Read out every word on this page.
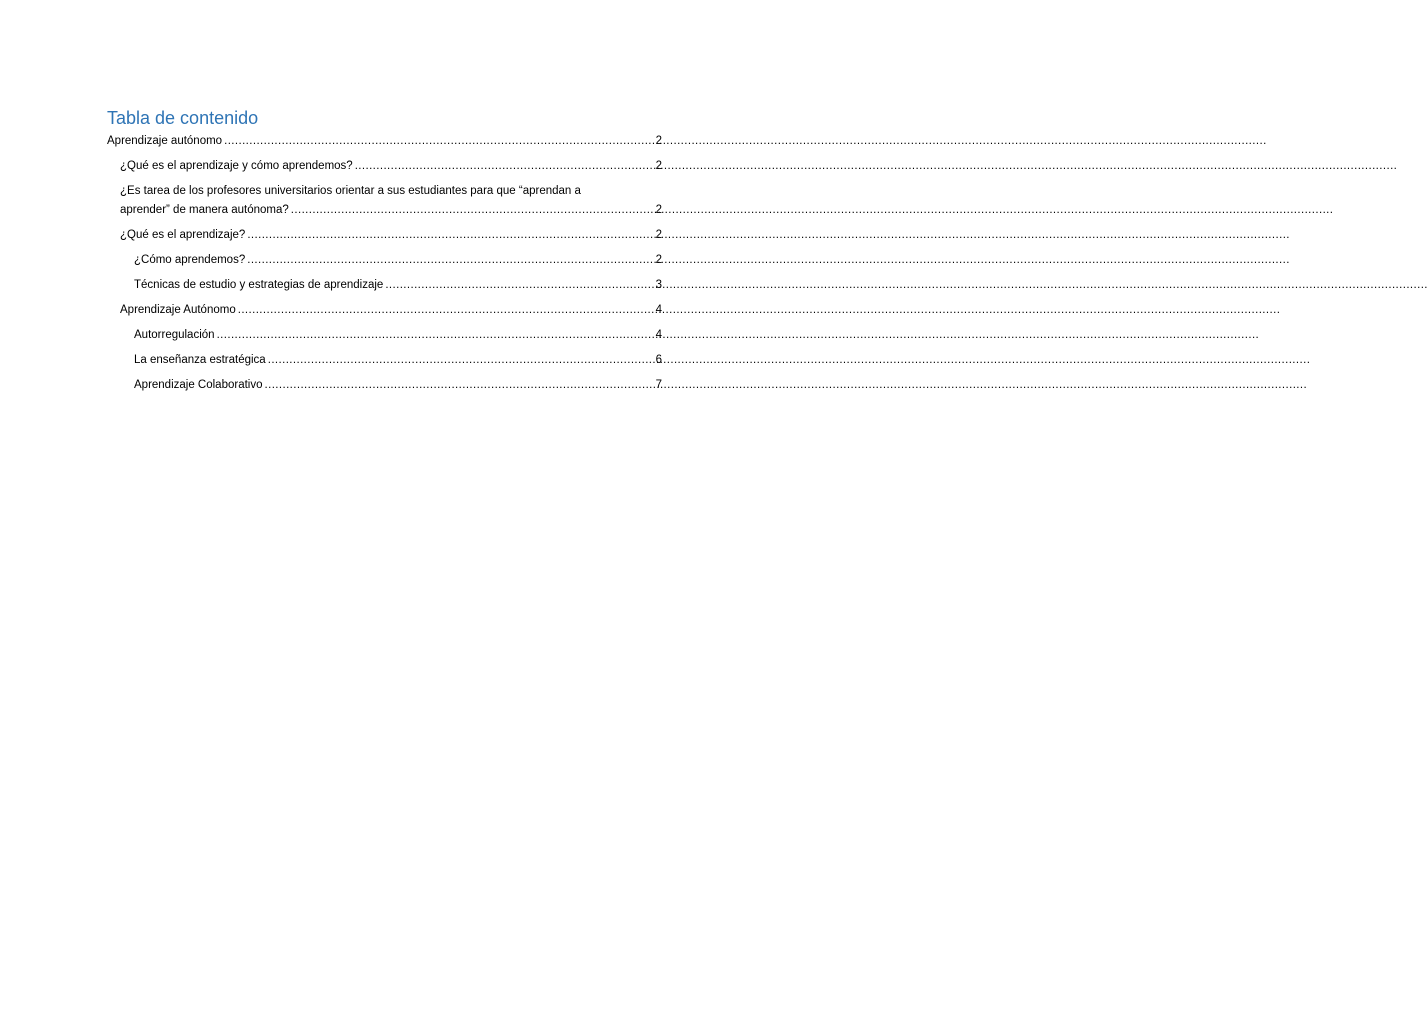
Tabla de contenido
Aprendizaje autónomo .....	2
¿Qué es el aprendizaje y cómo aprendemos? .....	2
¿Es tarea de los profesores universitarios orientar a sus estudiantes para que “aprendan a
aprender” de manera autónoma? .....	2
¿Qué es el aprendizaje? .....	2
¿Cómo aprendemos? .....	2
Técnicas de estudio y estrategias de aprendizaje .....	3
Aprendizaje Autónomo .....	4
Autorregulación .....	4
La enseñanza estratégica .....	6
Aprendizaje Colaborativo .....	7
